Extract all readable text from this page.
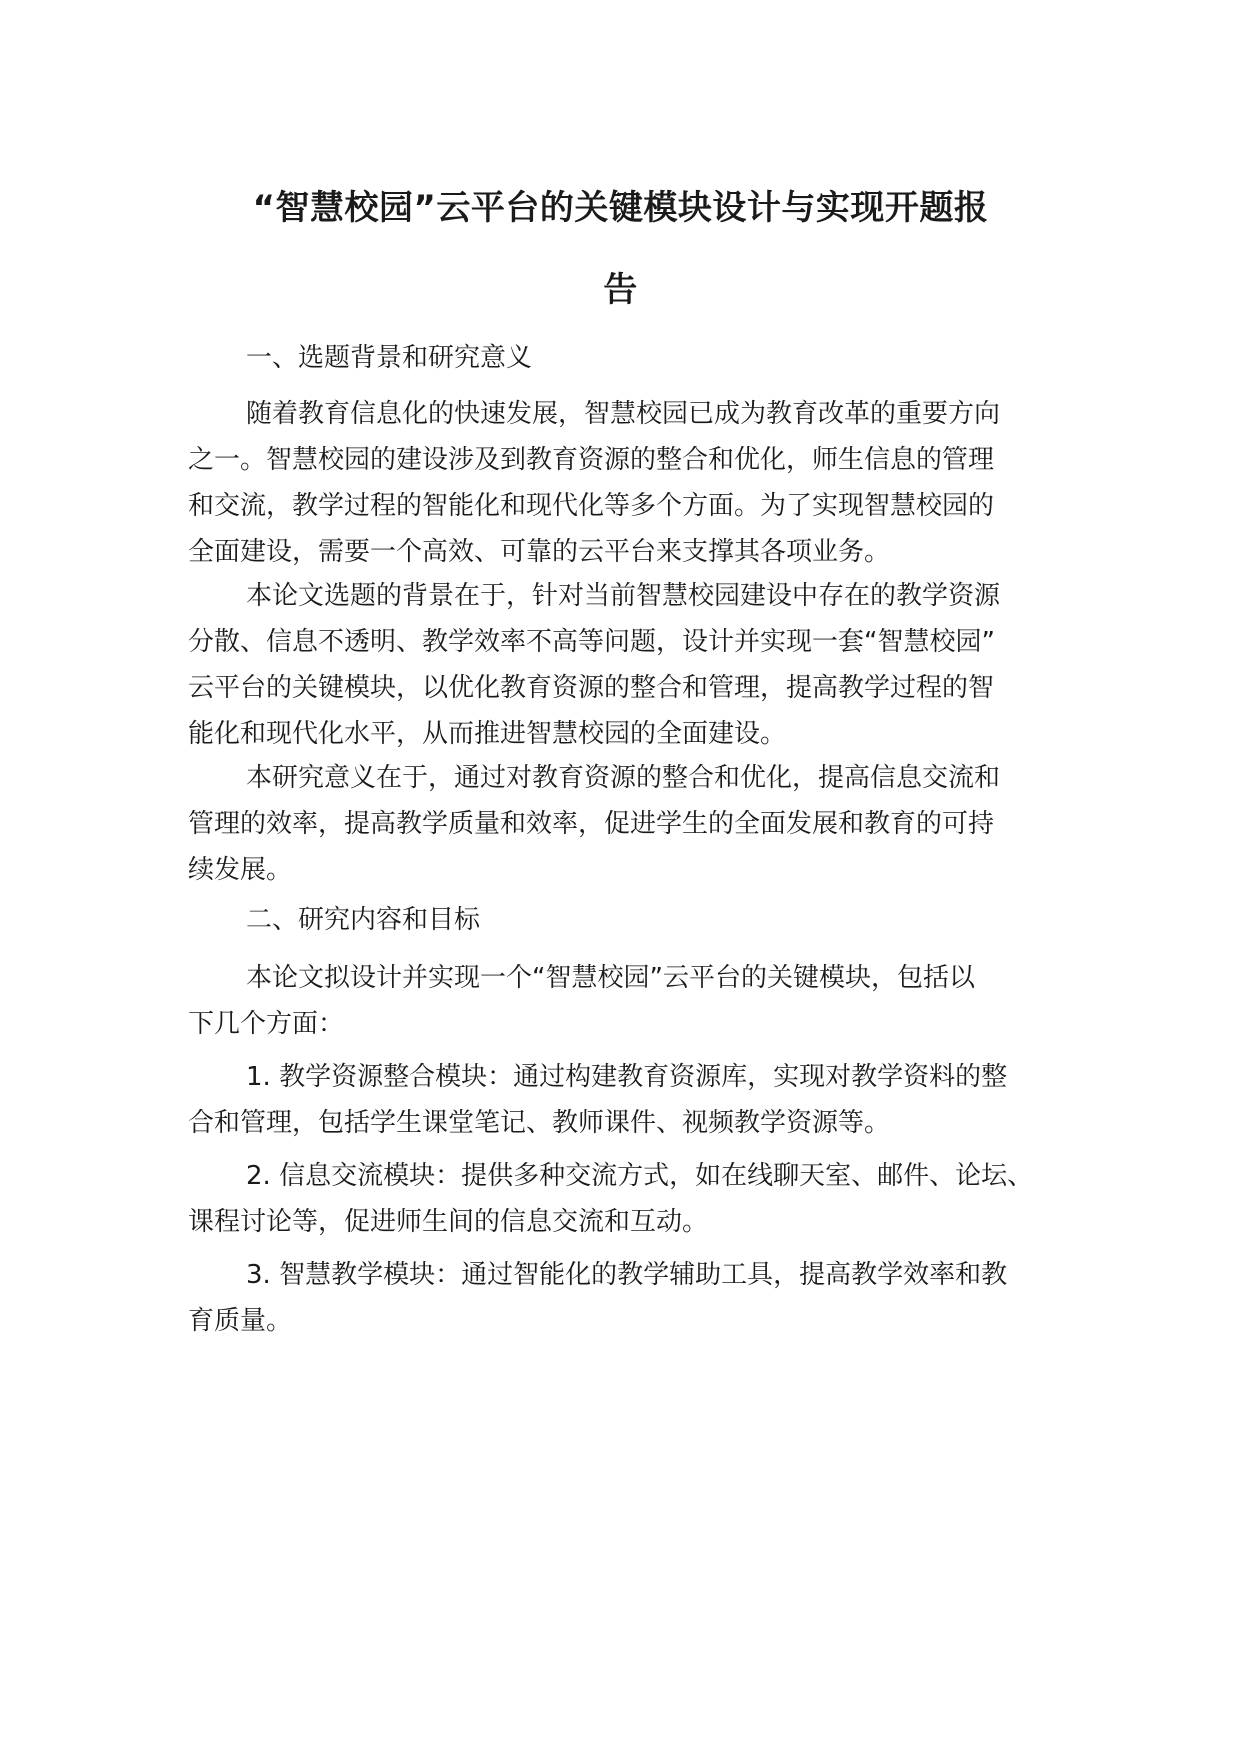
“智慧校园”云平台的关键模块设计与实现开题报
告

一、选题背景和研究意义

随着教育信息化的快速发展，智慧校园已成为教育改革的重要方向
之一。智慧校园的建设涉及到教育资源的整合和优化，师生信息的管理
和交流，教学过程的智能化和现代化等多个方面。为了实现智慧校园的
全面建设，需要一个高效、可靠的云平台来支撑其各项业务。

本论文选题的背景在于，针对当前智慧校园建设中存在的教学资源
分散、信息不透明、教学效率不高等问题，设计并实现一套“智慧校园”
云平台的关键模块，以优化教育资源的整合和管理，提高教学过程的智
能化和现代化水平，从而推进智慧校园的全面建设。

本研究意义在于，通过对教育资源的整合和优化，提高信息交流和
管理的效率，提高教学质量和效率，促进学生的全面发展和教育的可持
续发展。

二、研究内容和目标

本论文拟设计并实现一个“智慧校园”云平台的关键模块，包括以
下几个方面：

1. 教学资源整合模块：通过构建教育资源库，实现对教学资料的整
合和管理，包括学生课堂笔记、教师课件、视频教学资源等。

2. 信息交流模块：提供多种交流方式，如在线聊天室、邮件、论坛、
课程讨论等，促进师生间的信息交流和互动。

3. 智慧教学模块：通过智能化的教学辅助工具，提高教学效率和教
育质量。
